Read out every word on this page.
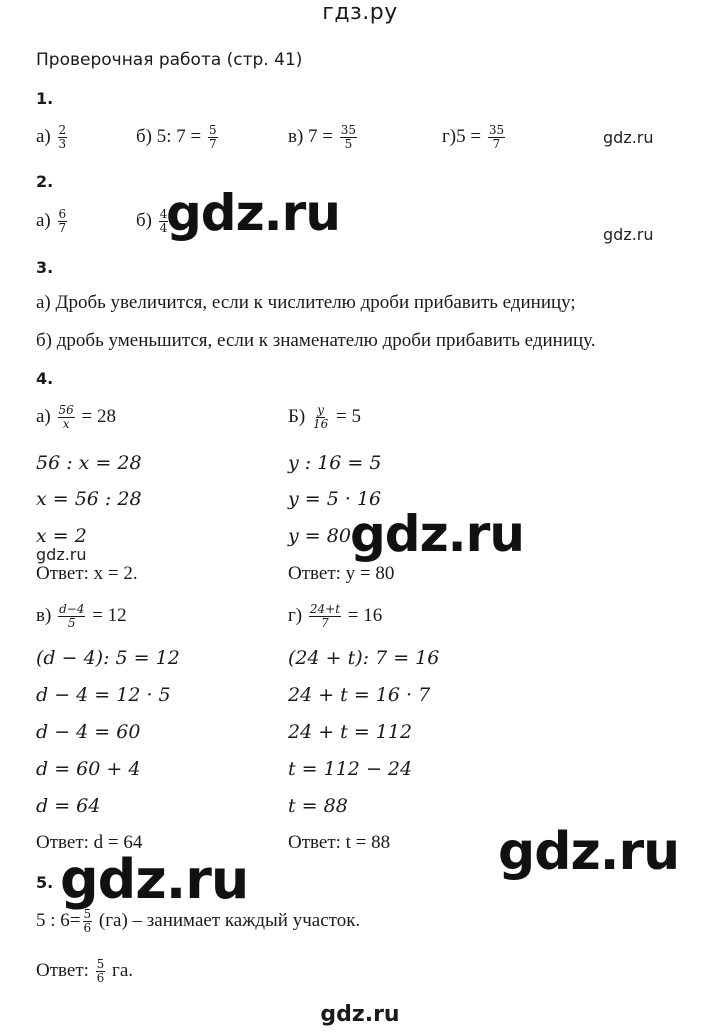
гдз.ру
Проверочная работа (стр. 41)
1.
$а) \frac{2}{3}$	б) 5: $7 = \frac{5}{7}$	в) $7 = \frac{35}{5}$	$г)5 = \frac{35}{7}$	gdz.ru
2.
$а) \frac{6}{7}$	$б) \frac{4}{4}$
gdz.ru	gdz.ru
3.
а) Дробь увеличится, если к числителю дроби прибавить единицу;
б) дробь уменьшится, если к знаменателю дроби прибавить единицу.
4.
$а) \frac{56}{x} = 28$	$Б) \frac{y}{16} = 5$
56 : x = 28
x = 56 : 28
x = 2
gdz.ru
Ответ: x = 2.
y : 16 = 5
y = 5 · 16
y = 80
Ответ: y = 80
gdz.ru
$в) \frac{d-4}{5} = 12$	$г) \frac{24+t}{7} = 16$
(d − 4): 5 = 12
d − 4 = 12 · 5
d − 4 = 60
d = 60 + 4
d = 64
Ответ: d = 64
(24 + t): 7 = 16
24 + t = 16 · 7
24 + t = 112
t = 112 − 24
t = 88
Ответ: t = 88 gdz.ru
5. gdz.ru
5 : $6= \frac{5}{6} (га)$ – занимает каждый участок.
Ответ: $\frac{5}{6}$ га.
gdz.ru
